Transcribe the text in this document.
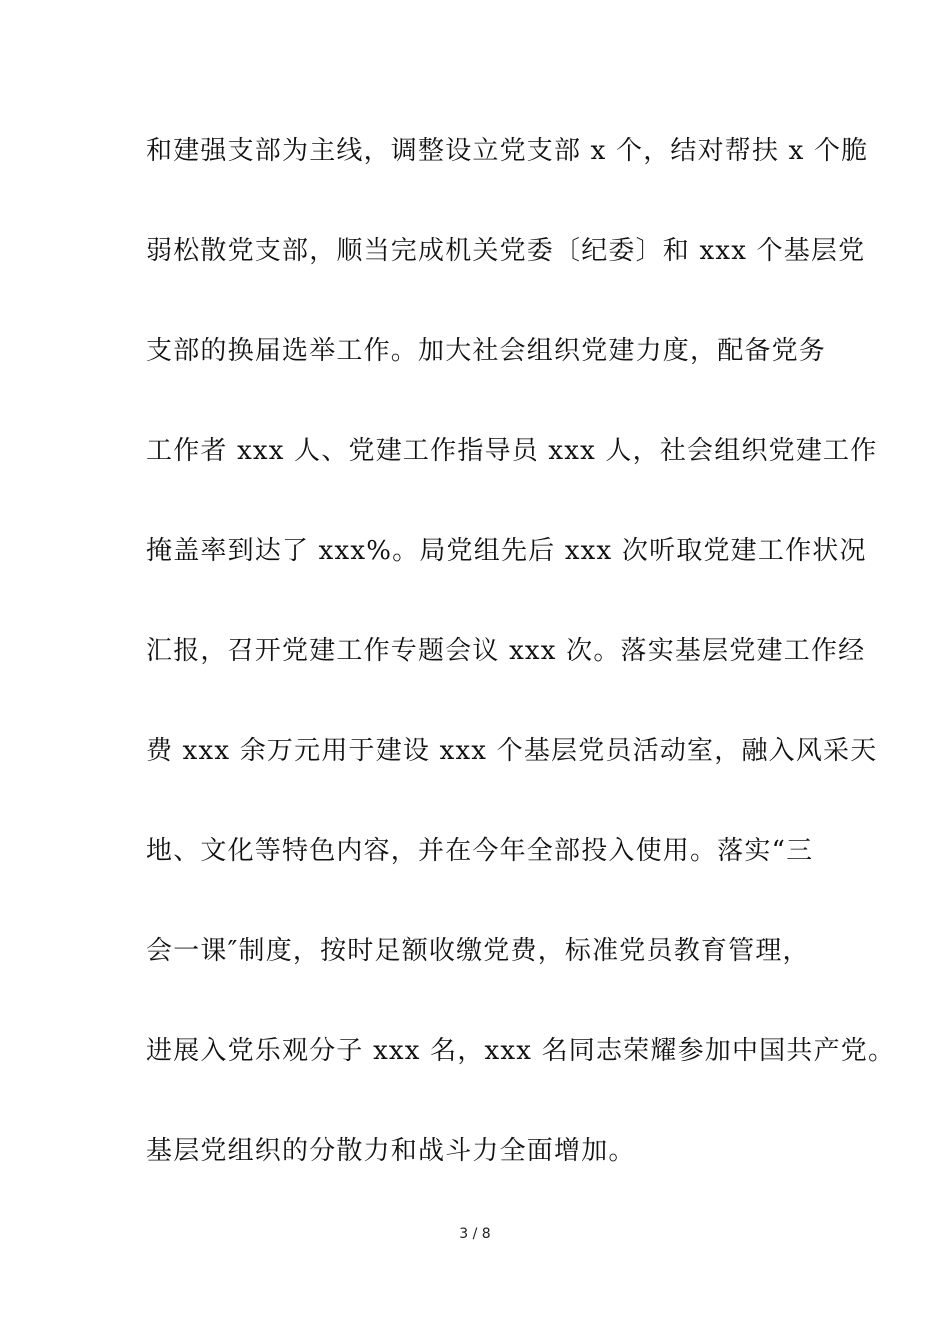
和建强支部为主线，调整设立党支部 x 个，结对帮扶 x 个脆
弱松散党支部，顺当完成机关党委〔纪委〕和 xxx 个基层党
支部的换届选举工作。加大社会组织党建力度，配备党务
工作者 xxx 人、党建工作指导员 xxx 人，社会组织党建工作
掩盖率到达了 xxx%。局党组先后 xxx 次听取党建工作状况
汇报，召开党建工作专题会议 xxx 次。落实基层党建工作经
费 xxx 余万元用于建设 xxx 个基层党员活动室，融入风采天
地、文化等特色内容，并在今年全部投入使用。落实“三
会一课″制度，按时足额收缴党费，标准党员教育管理，
进展入党乐观分子 xxx 名，xxx 名同志荣耀参加中国共产党。
基层党组织的分散力和战斗力全面增加。
3 / 8
